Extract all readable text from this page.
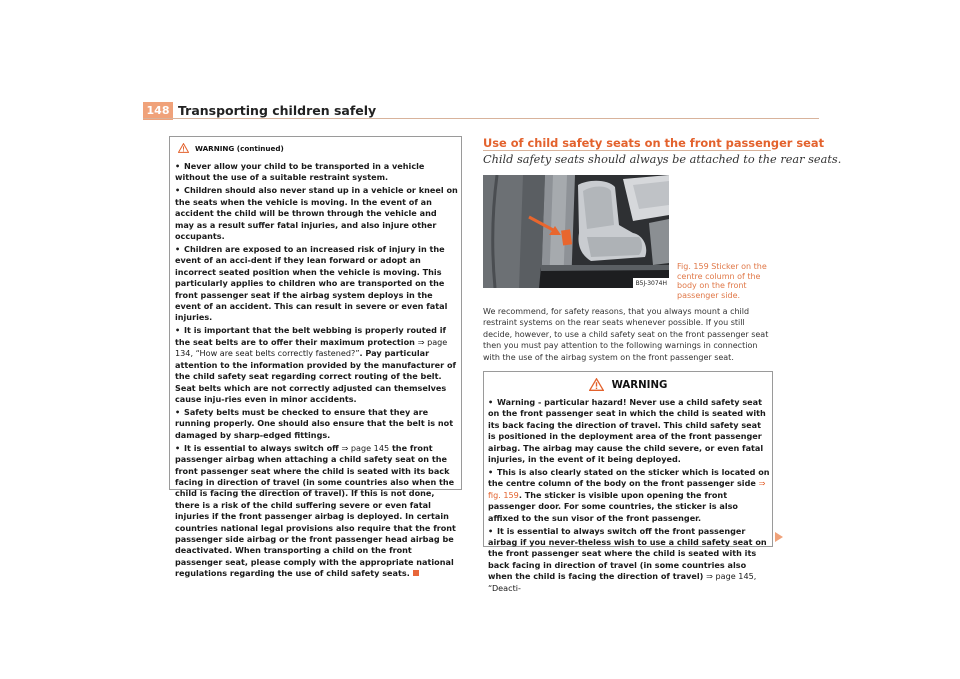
148 Transporting children safely
WARNING (continued)

• Never allow your child to be transported in a vehicle without the use of a suitable restraint system.

• Children should also never stand up in a vehicle or kneel on the seats when the vehicle is moving. In the event of an accident the child will be thrown through the vehicle and may as a result suffer fatal injuries, and also injure other occupants.

• Children are exposed to an increased risk of injury in the event of an acci-dent if they lean forward or adopt an incorrect seated position when the vehicle is moving. This particularly applies to children who are transported on the front passenger seat if the airbag system deploys in the event of an accident. This can result in severe or even fatal injuries.

• It is important that the belt webbing is properly routed if the seat belts are to offer their maximum protection ⇒ page 134, “How are seat belts correctly fastened?”. Pay particular attention to the information provided by the manufacturer of the child safety seat regarding correct routing of the belt. Seat belts which are not correctly adjusted can themselves cause inju-ries even in minor accidents.

• Safety belts must be checked to ensure that they are running properly. One should also ensure that the belt is not damaged by sharp-edged fittings.

• It is essential to always switch off ⇒ page 145 the front passenger airbag when attaching a child safety seat on the front passenger seat where the child is seated with its back facing in direction of travel (in some countries also when the child is facing the direction of travel). If this is not done, there is a risk of the child suffering severe or even fatal injuries if the front passenger airbag is deployed. In certain countries national legal provisions also require that the front passenger side airbag or the front passenger head airbag be deactivated. When transporting a child on the front passenger seat, please comply with the appropriate national regulations regarding the use of child safety seats.

Use of child safety seats on the front passenger seat
Child safety seats should always be attached to the rear seats.
B5J-3074H
Fig. 159 Sticker on the centre column of the body on the front passenger side.
We recommend, for safety reasons, that you always mount a child restraint systems on the rear seats whenever possible. If you still decide, however, to use a child safety seat on the front passenger seat then you must pay attention to the following warnings in connection with the use of the airbag system on the front passenger seat.
WARNING

• Warning - particular hazard! Never use a child safety seat on the front passenger seat in which the child is seated with its back facing the direction of travel. This child safety seat is positioned in the deployment area of the front passenger airbag. The airbag may cause the child severe, or even fatal injuries, in the event of it being deployed.

• This is also clearly stated on the sticker which is located on the centre column of the body on the front passenger side ⇒ fig. 159. The sticker is visible upon opening the front passenger door. For some countries, the sticker is also affixed to the sun visor of the front passenger.

• It is essential to always switch off the front passenger airbag if you never-theless wish to use a child safety seat on the front passenger seat where the child is seated with its back facing in direction of travel (in some countries also when the child is facing the direction of travel) ⇒ page 145, “Deacti-
